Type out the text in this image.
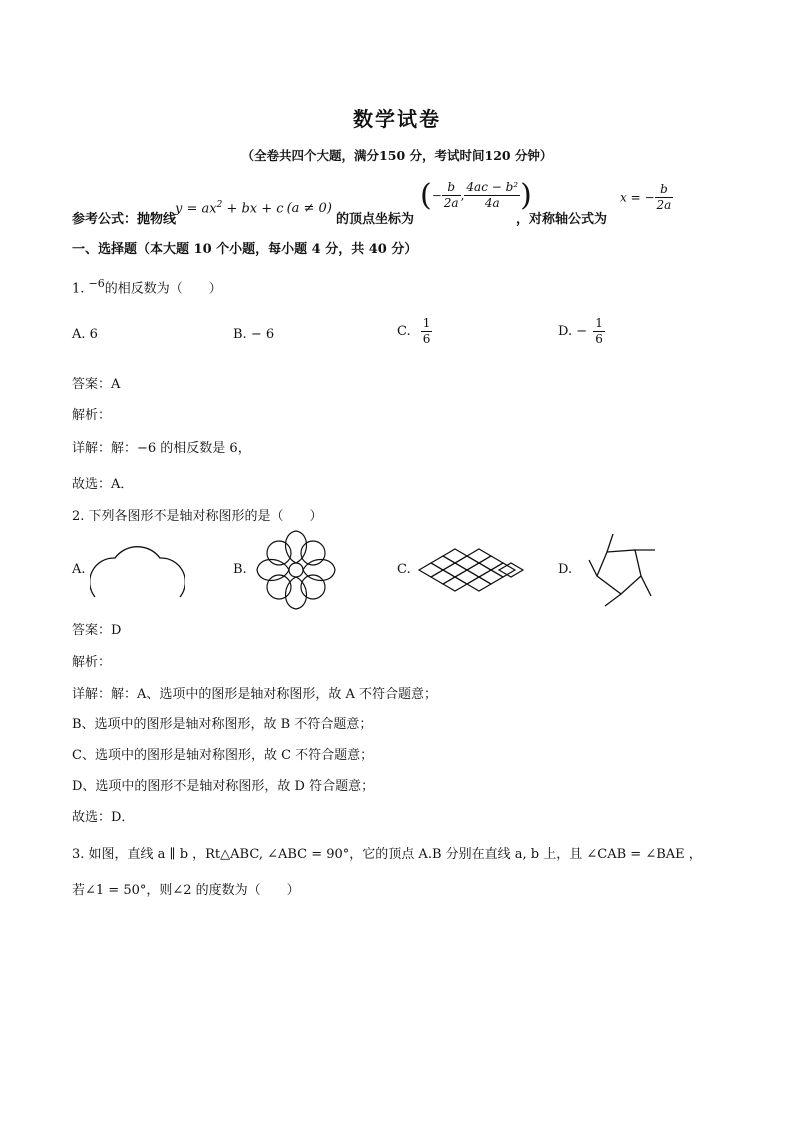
数学试卷
（全卷共四个大题，满分150 分，考试时间120 分钟）
参考公式：抛物线
$y = ax^2$ + bx + c (a ≠ 0)
的顶点坐标为
(− $\frac{b}{2a}$ , $\frac{\text{4ac − b²}}{4a}$ )
，对称轴公式为
x = − $\frac{b}{2a}$
一、选择题（本大题 10 个小题，每小题 4 分，共 40 分）
1. $^{-6}$的相反数为（　　）
A. 6	B. − 6	C. $\frac{1}{6}$	D. − $\frac{1}{6}$
答案：A
解析：
详解：解：−6 的相反数是 6，
故选：A．
2. 下列各图形不是轴对称图形的是（　　）
A.	B.	C.	D.
答案：D
解析：
详解：解：A、选项中的图形是轴对称图形，故 A 不符合题意；
B、选项中的图形是轴对称图形，故 B 不符合题意；
C、选项中的图形是轴对称图形，故 C 不符合题意；
D、选项中的图形不是轴对称图形，故 D 符合题意；
故选：D．
3. 如图，直线 a ∥ b ，Rt△ABC, ∠ABC = 90°，它的顶点 A.B 分别在直线 a, b 上，且 ∠CAB = ∠BAE ，
若∠1 = 50°，则∠2 的度数为（　　）
